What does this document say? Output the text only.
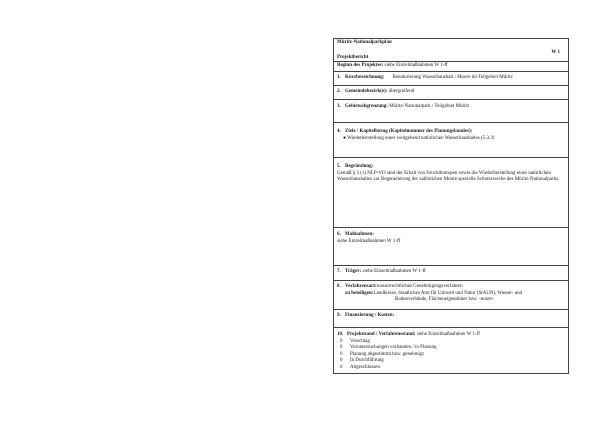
Müritz-Nationalparkplan
W 1
Projektbericht
Beginn des Projektes: siehe Einzelmaßnahmen W 1-ff
1. Kurzbezeichnung: Renaturierung Wasserhaushalt / Moore im Teilgebiet Müritz
2. Gemeindebezirk(e): übergreifend
3. Gebietsabgrenzung: Müritz-Nationalpark / Teilgebiet Müritz
4. Ziele / Kapitelbezug (Kapitelnummer des Planungsbandes):
● Wiederherstellung eines weitgehend natürlichen Wasserhaushaltes (5.3.3)
5. Begründung:
Gemäß § 3 (1) NLP-VO sind der Erhalt von Feuchtbiotopen sowie die Wiederherstellung eines natürlichen Wasserhaushaltes zur Regenerierung der zahlreichen Moore spezielle Schutzzwecke des Müritz-Nationalparks.
6. Maßnahmen:
siehe Einzelmaßnahmen W 1-ff
7. Träger: siehe Einzelmaßnahmen W 1-ff
8. Verfahrensart: wasserrechtliches Genehmigungsverfahren
zu beteiligen: Landkreise, Staatliches Amt für Umwelt und Natur (StAUN), Wasser- und
Bodenverbände, Flächeneigentümer bzw. -nutzer
9. Finanzierung / Kosten:
10. Projektstand / Verfahrensstand: siehe Einzelmaßnahmen W 1-ff
0 Vorschlag
0 Voruntersuchungen vorhanden / in Planung
0 Planung abgestimmt bzw. genehmigt
0 In Durchführung
0 Abgeschlossen
